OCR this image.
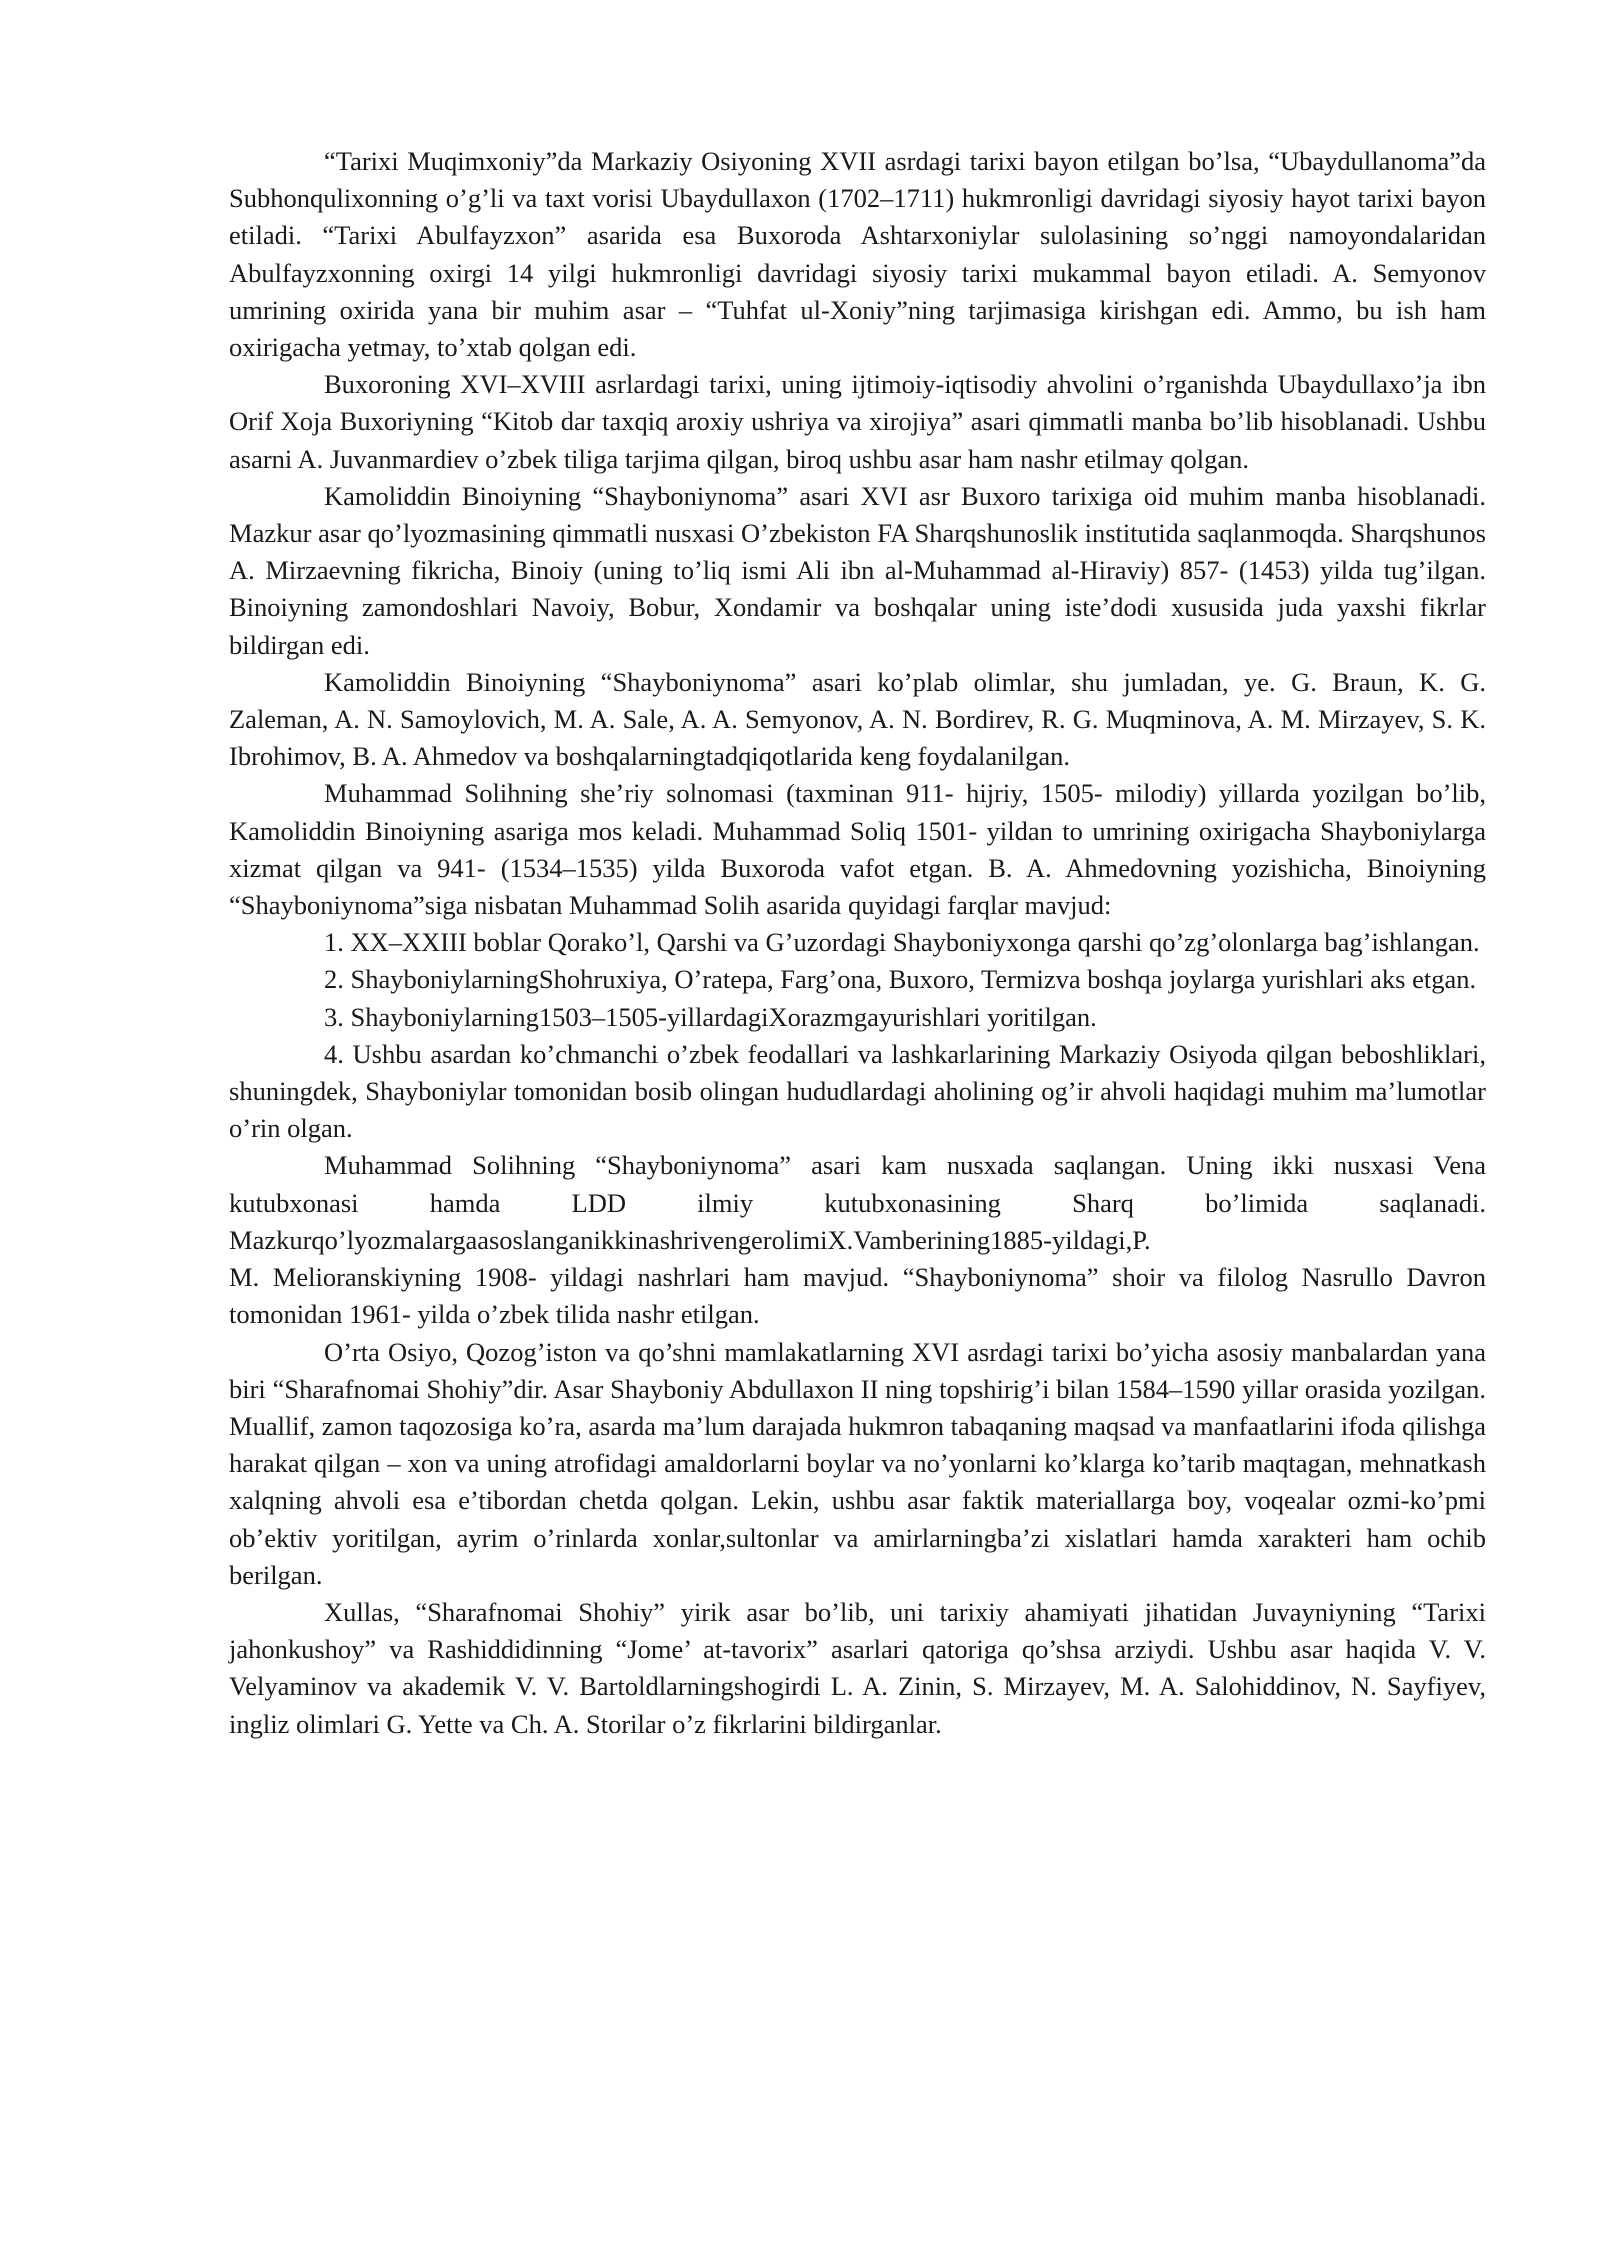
“Tarixi Muqimxoniy”da Markaziy Osiyoning XVII asrdagi tarixi bayon etilgan bo’lsa, “Ubaydullanoma”da Subhonqulixonning o’g’li va taxt vorisi Ubaydullaxon (1702–1711) hukmronligi davridagi siyosiy hayot tarixi bayon etiladi. “Tarixi Abulfayzxon” asarida esa Buxoroda Ashtarxoniylar sulolasining so’nggi namoyondalaridan Abulfayzxonning oxirgi 14 yilgi hukmronligi davridagi siyosiy tarixi mukammal bayon etiladi. A. Semyonov umrining oxirida yana bir muhim asar – “Tuhfat ul-Xoniy”ning tarjimasiga kirishgan edi. Ammo, bu ish ham oxirigacha yetmay, to’xtab qolgan edi.

Buxoroning XVI–XVIII asrlardagi tarixi, uning ijtimoiy-iqtisodiy ahvolini o’rganishda Ubaydullaxo’ja ibn Orif Xoja Buxoriyning “Kitob dar taxqiq aroxiy ushriya va xirojiya” asari qimmatli manba bo’lib hisoblanadi. Ushbu asarni A. Juvanmardiev o’zbek tiliga tarjima qilgan, biroq ushbu asar ham nashr etilmay qolgan.

Kamoliddin Binoiyning “Shayboniynoma” asari XVI asr Buxoro tarixiga oid muhim manba hisoblanadi. Mazkur asar qo’lyozmasining qimmatli nusxasi O’zbekiston FA Sharqshunoslik institutida saqlanmoqda. Sharqshunos A. Mirzaevning fikricha, Binoiy (uning to’liq ismi Ali ibn al-Muhammad al-Hiraviy) 857- (1453) yilda tug’ilgan. Binoiyning zamondoshlari Navoiy, Bobur, Xondamir va boshqalar uning iste’dodi xususida juda yaxshi fikrlar bildirgan edi.

Kamoliddin Binoiyning “Shayboniynoma” asari ko’plab olimlar, shu jumladan, ye. G. Braun, K. G. Zaleman, A. N. Samoylovich, M. A. Sale, A. A. Semyonov, A. N. Bordirev, R. G. Muqminova, A. M. Mirzayev, S. K. Ibrohimov, B. A. Ahmedov va boshqalarningtadqiqotlarida keng foydalanilgan.

Muhammad Solihning she’riy solnomasi (taxminan 911- hijriy, 1505- milodiy) yillarda yozilgan bo’lib, Kamoliddin Binoiyning asariga mos keladi. Muhammad Soliq 1501- yildan to umrining oxirigacha Shayboniylarga xizmat qilgan va 941- (1534–1535) yilda Buxoroda vafot etgan. B. A. Ahmedovning yozishicha, Binoiyning “Shayboniynoma”siga nisbatan Muhammad Solih asarida quyidagi farqlar mavjud:

1. XX–XXIII boblar Qorako’l, Qarshi va G’uzordagi Shayboniyxonga qarshi qo’zg’olonlarga bag’ishlangan.

2. ShayboniylarningShohruxiya, O’ratepa, Farg’ona, Buxoro, Termizva boshqa joylarga yurishlari aks etgan.

3. Shayboniylarning1503–1505-yillardagiXorazmgayurishlari yoritilgan.

4. Ushbu asardan ko’chmanchi o’zbek feodallari va lashkarlarining Markaziy Osiyoda qilgan beboshliklari, shuningdek, Shayboniylar tomonidan bosib olingan hududlardagi aholining og’ir ahvoli haqidagi muhim ma’lumotlar o’rin olgan.

Muhammad Solihning “Shayboniynoma” asari kam nusxada saqlangan. Uning ikki nusxasi Vena kutubxonasi hamda LDD ilmiy kutubxonasining Sharq bo’limida saqlanadi. Mazkurqo’lyozmalargaasoslanganikkinashrivengerolimiX.Vamberining1885-yildagi,P.

M. Melioranskiyning 1908- yildagi nashrlari ham mavjud. “Shayboniynoma” shoir va filolog Nasrullo Davron tomonidan 1961- yilda o’zbek tilida nashr etilgan.

O’rta Osiyo, Qozog’iston va qo’shni mamlakatlarning XVI asrdagi tarixi bo’yicha asosiy manbalardan yana biri “Sharafnomai Shohiy”dir. Asar Shayboniy Abdullaxon II ning topshirig’i bilan 1584–1590 yillar orasida yozilgan. Muallif, zamon taqozosiga ko’ra, asarda ma’lum darajada hukmron tabaqaning maqsad va manfaatlarini ifoda qilishga harakat qilgan – xon va uning atrofidagi amaldorlarni boylar va no’yonlarni ko’klarga ko’tarib maqtagan, mehnatkash xalqning ahvoli esa e’tibordan chetda qolgan. Lekin, ushbu asar faktik materiallarga boy, voqealar ozmi-ko’pmi ob’ektiv yoritilgan, ayrim o’rinlarda xonlar,sultonlar va amirlarningba’zi xislatlari hamda xarakteri ham ochib berilgan.

Xullas, “Sharafnomai Shohiy” yirik asar bo’lib, uni tarixiy ahamiyati jihatidan Juvayniyning “Tarixi jahonkushoy” va Rashiddidinning “Jome’ at-tavorix” asarlari qatoriga qo’shsa arziydi. Ushbu asar haqida V. V. Velyaminov va akademik V. V. Bartoldlarningshogirdi L. A. Zinin, S. Mirzayev, M. A. Salohiddinov, N. Sayfiyev, ingliz olimlari G. Yette va Ch. A. Storilar o’z fikrlarini bildirganlar.
